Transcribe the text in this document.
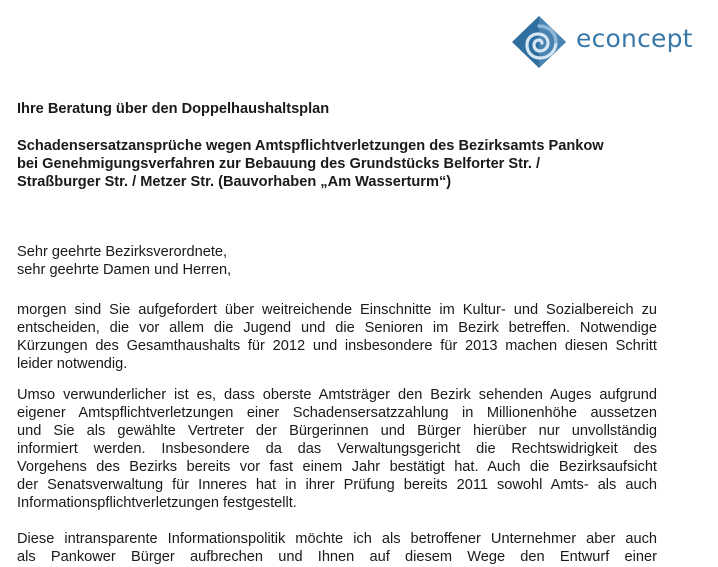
econcept

Ihre Beratung über den Doppelhaushaltsplan

Schadensersatzansprüche wegen Amtspflichtverletzungen des Bezirksamts Pankow
bei Genehmigungsverfahren zur Bebauung des Grundstücks Belforter Str. /
Straßburger Str. / Metzer Str. (Bauvorhaben „Am Wasserturm“)
Sehr geehrte Bezirksverordnete,
sehr geehrte Damen und Herren,
morgen sind Sie aufgefordert über weitreichende Einschnitte im Kultur- und Sozialbereich zu
entscheiden, die vor allem die Jugend und die Senioren im Bezirk betreffen. Notwendige
Kürzungen des Gesamthaushalts für 2012 und insbesondere für 2013 machen diesen Schritt
leider notwendig.
Umso verwunderlicher ist es, dass oberste Amtsträger den Bezirk sehenden Auges aufgrund
eigener Amtspflichtverletzungen einer Schadensersatzzahlung in Millionenhöhe aussetzen
und Sie als gewählte Vertreter der Bürgerinnen und Bürger hierüber nur unvollständig
informiert werden. Insbesondere da das Verwaltungsgericht die Rechtswidrigkeit des
Vorgehens des Bezirks bereits vor fast einem Jahr bestätigt hat. Auch die Bezirksaufsicht
der Senatsverwaltung für Inneres hat in ihrer Prüfung bereits 2011 sowohl Amts- als auch
Informationspflichtverletzungen festgestellt.
Diese intransparente Informationspolitik möchte ich als betroffener Unternehmer aber auch
als Pankower Bürger aufbrechen und Ihnen auf diesem Wege den Entwurf einer
